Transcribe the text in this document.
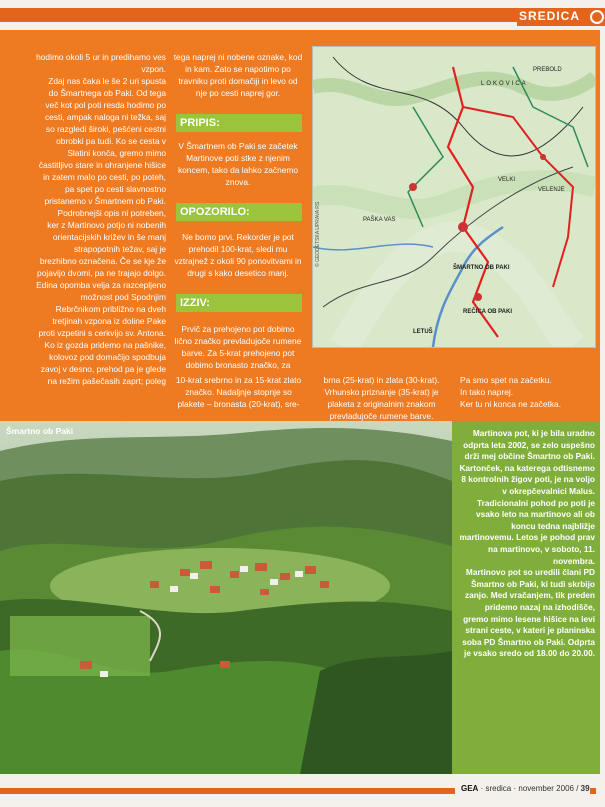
SREDICA

hodimo okoli 5 ur in predihamo ves vzpon.

Zdaj nas čaka le še 2 uri spusta do Šmartnega ob Paki. Od tega več kot pol poti resda hodimo po cesti, ampak naloga ni težka, saj so razgledi široki, pešćeni cestni obrobki pa tudi. Ko se cesta v Slatini konča, gremo mimo častitljivo stare in ohranjene hišice in zatem malo po cesti, po poteh, pa spet po cesti slavnostno pristanemo v Šmartnem ob Paki.

Podrobnejši opis ni potreben, ker z Martinovo potjo ni nobenih orientacijskih križev in še manj strapopotnih težav, saj je brezhibno označena. Če se kje že pojavijo dvomi, pa ne trajajo dolgo. Edina opomba velja za razcepljeno možnost pod Spodnjim Rebrčnikom približno na dveh tretjinah vzpona iz doline Pake proti vzpetini s cerkvijo sv. Antona. Ko iz gozda pridemo na pašnike, kolovoz pod domačijo spodbuja zavoj v desno, prehod pa je glede na režim pašečasih zaprt; poleg

tega naprej ni nobene oznake, kod in kam. Zato se napotimo po travniku proti domačiji in levo od nje po cesti naprej gor.

PRIPIS:
V Šmartnem ob Paki se začetek Martinove poti stke z njenim koncem, tako da lahko začnemo znova.
OPOZORILO:
Ne bomo prvi. Rekorder je pot prehodil 100-krat, sledi mu vztrajnež z okoli 90 ponovitvami in drugi s kako desetico manj.
IZZIV:
Prvič za prehojeno pot dobimo lično značko prevladujoče rumene barve. Za 5-krat prehojeno pot dobimo bronasto značko, za
10-krat srebrno in za 15-krat zlato značko. Nadaljnje stopnje so plakete – bronasta (20-krat), sre-
brna (25-krat) in zlata (30-krat). Vrhunsko priznanje (35-krat) je plaketa z originalnim znakom prevladujoče rumene barve.

Pa smo spet na začetku.

In tako naprej.

Ker tu ni konca ne začetka.

ŠMARTNO OB PAKI
REČICA OB PAKI
PAŠKA VAS
LOKOVICA
VELENJE
LETUŠ
PREBOLD
VELKI
© GEODETSKA UPRAVA RS
Šmartno ob Paki	Martinova pot, ki je bila uradno odprta leta 2002, se zelo uspešno drži mej občine Šmartno ob Paki. Kartonček, na katerega odtisnemo 8 kontrolnih žigov poti, je na voljo v okrepčevalnici Malus. Tradicionalni pohod po poti je vsako leto na martinovo ali ob koncu tedna najbližje martinovemu. Letos je pohod prav na martinovo, v soboto, 11. novembra.

Martinovo pot so uredili člani PD Šmartno ob Paki, ki tudi skrbijo zanjo. Med vračanjem, tik preden pridemo nazaj na izhodišče, gremo mimo lesene hišice na levi strani ceste, v kateri je planinska soba PD Šmartno ob Paki. Odprta je vsako sredo od 18.00 do 20.00.

GEA · sredica · november 2006 / 39
